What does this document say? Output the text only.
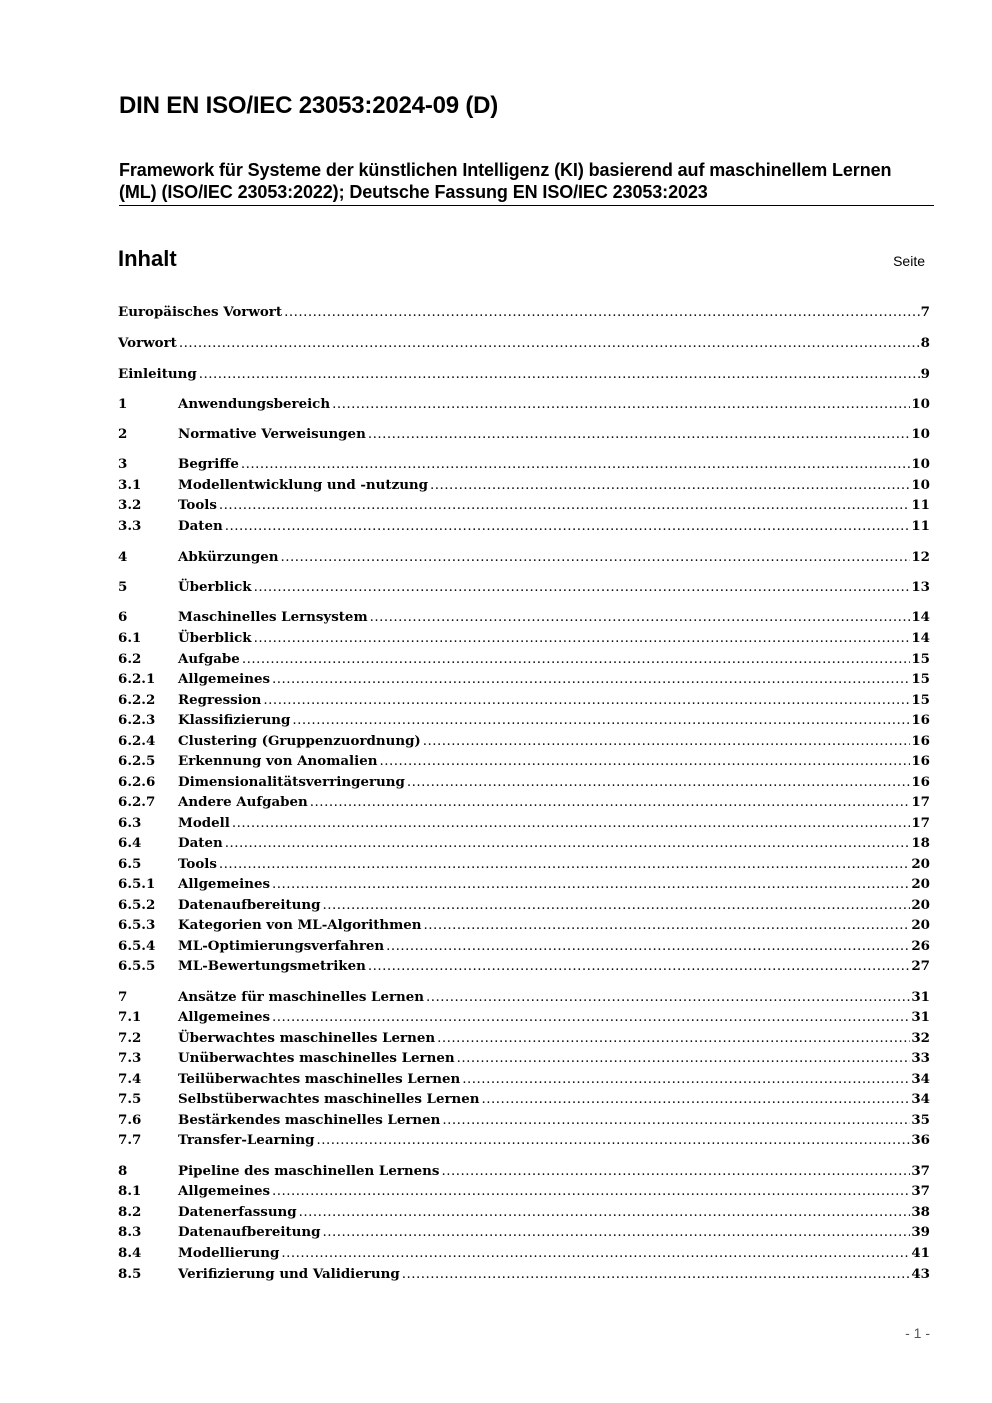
DIN EN ISO/IEC 23053:2024-09 (D)

Framework für Systeme der künstlichen Intelligenz (KI) basierend auf maschinellem Lernen (ML) (ISO/IEC 23053:2022); Deutsche Fassung EN ISO/IEC 23053:2023

Inhalt	Seite
Europäisches Vorwort .....	7
Vorwort .....	8
Einleitung .....	9
1	Anwendungsbereich .....	10
2	Normative Verweisungen .....	10
3	Begriffe .....	10
3.1	Modellentwicklung und -nutzung .....	10
3.2	Tools .....	11
3.3	Daten .....	11
4	Abkürzungen .....	12
5	Überblick .....	13
6	Maschinelles Lernsystem .....	14
6.1	Überblick .....	14
6.2	Aufgabe .....	15
6.2.1	Allgemeines .....	15
6.2.2	Regression .....	15
6.2.3	Klassifizierung .....	16
6.2.4	Clustering (Gruppenzuordnung) .....	16
6.2.5	Erkennung von Anomalien .....	16
6.2.6	Dimensionalitätsverringerung .....	16
6.2.7	Andere Aufgaben .....	17
6.3	Modell .....	17
6.4	Daten .....	18
6.5	Tools .....	20
6.5.1	Allgemeines .....	20
6.5.2	Datenaufbereitung .....	20
6.5.3	Kategorien von ML-Algorithmen .....	20
6.5.4	ML-Optimierungsverfahren .....	26
6.5.5	ML-Bewertungsmetriken .....	27
7	Ansätze für maschinelles Lernen .....	31
7.1	Allgemeines .....	31
7.2	Überwachtes maschinelles Lernen .....	32
7.3	Unüberwachtes maschinelles Lernen .....	33
7.4	Teilüberwachtes maschinelles Lernen .....	34
7.5	Selbstüberwachtes maschinelles Lernen .....	34
7.6	Bestärkendes maschinelles Lernen .....	35
7.7	Transfer-Learning .....	36
8	Pipeline des maschinellen Lernens .....	37
8.1	Allgemeines .....	37
8.2	Datenerfassung .....	38
8.3	Datenaufbereitung .....	39
8.4	Modellierung .....	41
8.5	Verifizierung und Validierung .....	43
- 1 -
